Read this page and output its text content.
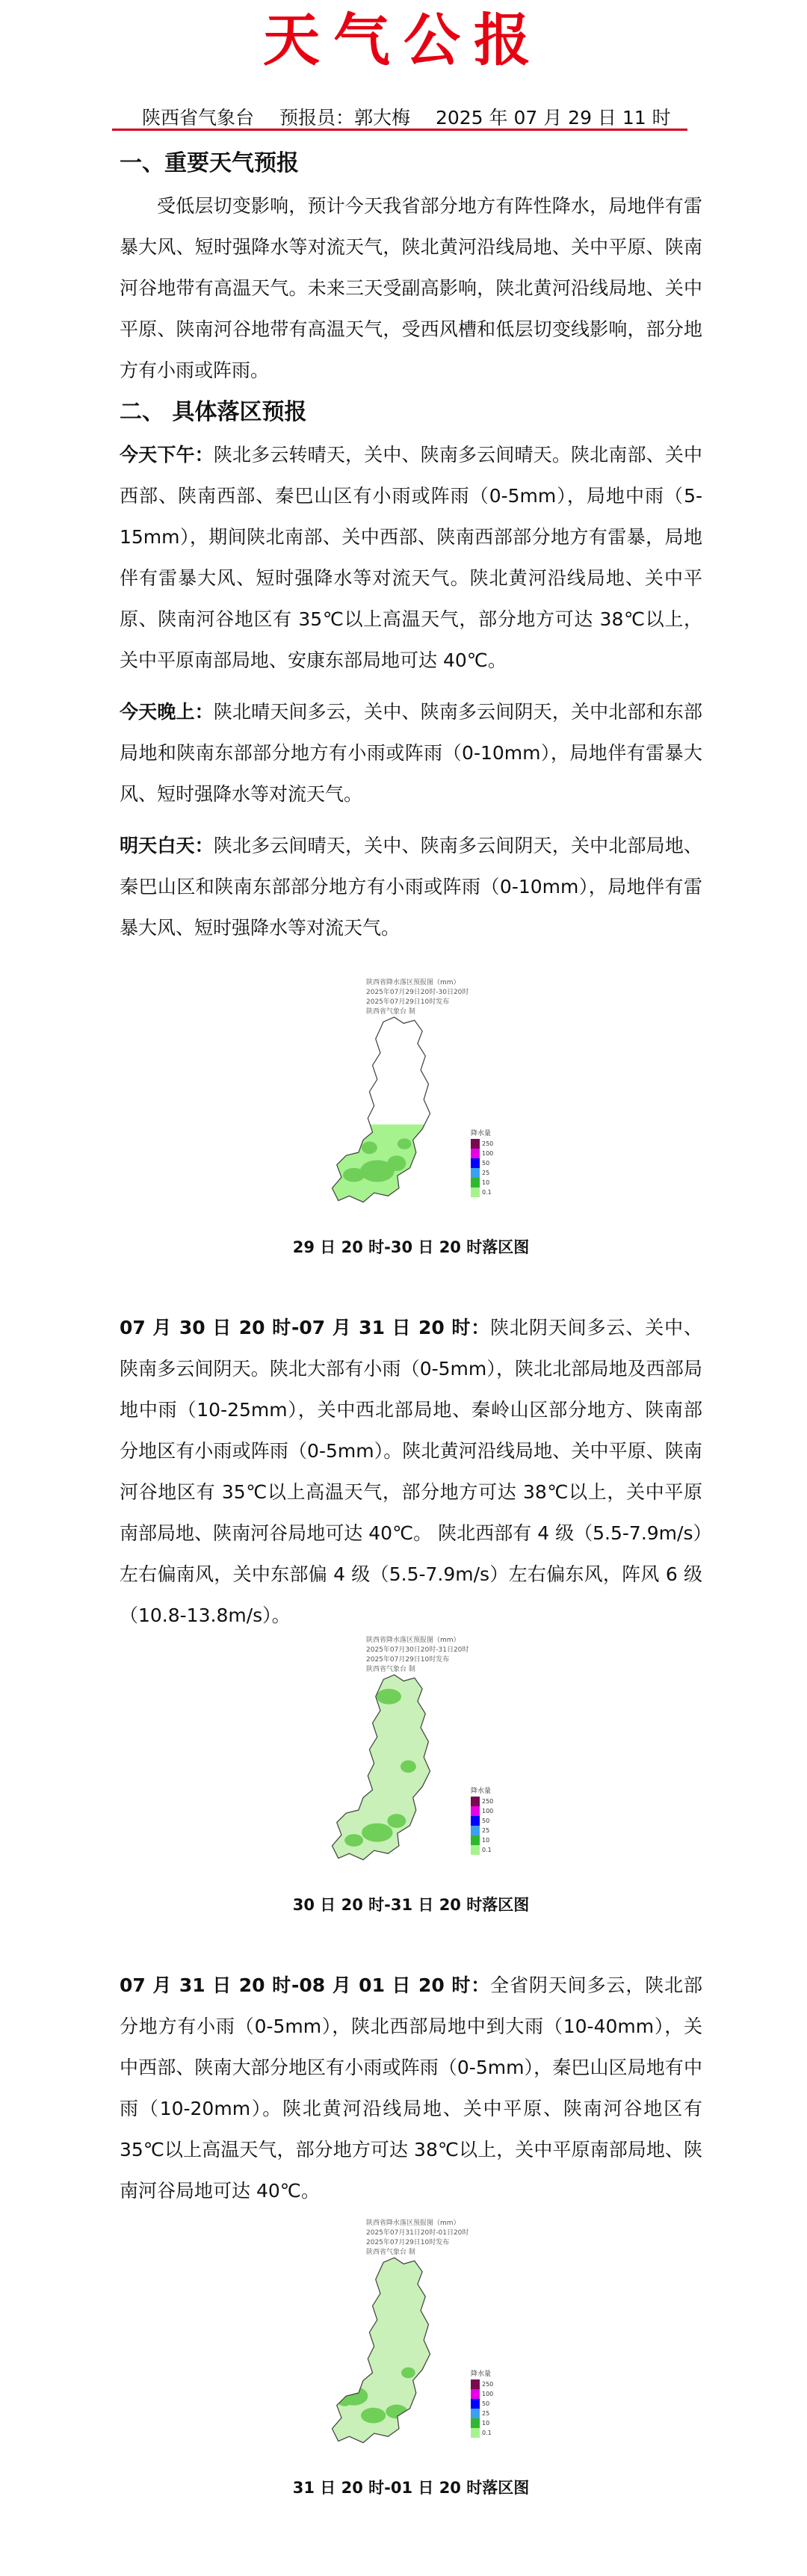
天气公报
陕西省气象台 预报员：郭大梅 2025 年 07 月 29 日 11 时
一、重要天气预报

受低层切变影响，预计今天我省部分地方有阵性降水，局地伴有雷暴大风、短时强降水等对流天气，陕北黄河沿线局地、关中平原、陕南河谷地带有高温天气。未来三天受副高影响，陕北黄河沿线局地、关中平原、陕南河谷地带有高温天气，受西风槽和低层切变线影响，部分地方有小雨或阵雨。

二、 具体落区预报

今天下午：陕北多云转晴天，关中、陕南多云间晴天。陕北南部、关中西部、陕南西部、秦巴山区有小雨或阵雨（0-5mm），局地中雨（5-15mm），期间陕北南部、关中西部、陕南西部部分地方有雷暴，局地伴有雷暴大风、短时强降水等对流天气。陕北黄河沿线局地、关中平原、陕南河谷地区有 35℃以上高温天气，部分地方可达 38℃以上，关中平原南部局地、安康东部局地可达 40℃。

今天晚上：陕北晴天间多云，关中、陕南多云间阴天，关中北部和东部局地和陕南东部部分地方有小雨或阵雨（0-10mm），局地伴有雷暴大风、短时强降水等对流天气。

明天白天：陕北多云间晴天，关中、陕南多云间阴天，关中北部局地、秦巴山区和陕南东部部分地方有小雨或阵雨（0-10mm），局地伴有雷暴大风、短时强降水等对流天气。

陕西省降水落区预报图（mm）
2025年07月29日20时-30日20时
2025年07月29日10时发布
陕西省气象台 制
降水量
250
100
50
25
10
0.1

29 日 20 时-30 日 20 时落区图

07 月 30 日 20 时-07 月 31 日 20 时：陕北阴天间多云、关中、陕南多云间阴天。陕北大部有小雨（0-5mm），陕北北部局地及西部局地中雨（10-25mm），关中西北部局地、秦岭山区部分地方、陕南部分地区有小雨或阵雨（0-5mm）。陕北黄河沿线局地、关中平原、陕南河谷地区有 35℃以上高温天气，部分地方可达 38℃以上，关中平原南部局地、陕南河谷局地可达 40℃。 陕北西部有 4 级（5.5-7.9m/s）左右偏南风，关中东部偏 4 级（5.5-7.9m/s）左右偏东风，阵风 6 级（10.8-13.8m/s）。

陕西省降水落区预报图（mm）
2025年07月30日20时-31日20时
2025年07月29日10时发布
陕西省气象台 制
降水量
250
100
50
25
10
0.1

30 日 20 时-31 日 20 时落区图

07 月 31 日 20 时-08 月 01 日 20 时：全省阴天间多云，陕北部分地方有小雨（0-5mm），陕北西部局地中到大雨（10-40mm），关中西部、陕南大部分地区有小雨或阵雨（0-5mm），秦巴山区局地有中雨（10-20mm）。陕北黄河沿线局地、关中平原、陕南河谷地区有 35℃以上高温天气，部分地方可达 38℃以上，关中平原南部局地、陕南河谷局地可达 40℃。

陕西省降水落区预报图（mm）
2025年07月31日20时-01日20时
2025年07月29日10时发布
陕西省气象台 制
降水量
250
100
50
25
10
0.1

31 日 20 时-01 日 20 时落区图
